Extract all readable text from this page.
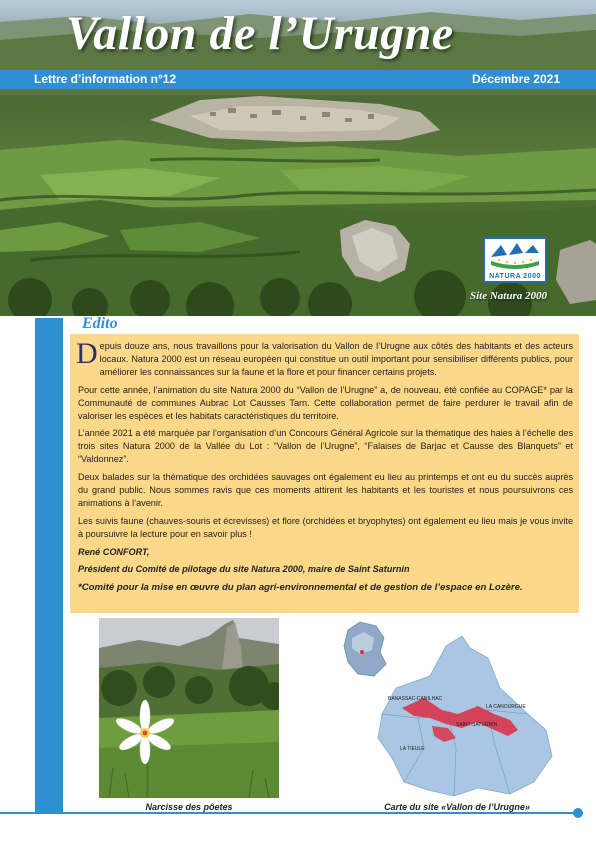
Vallon de l’Urugne
Lettre d’information n°12	Décembre 2021
NATURA 2000
Site Natura 2000
Edito

Depuis douze ans, nous travaillons pour la valorisation du Vallon de l’Urugne aux côtés des habitants et des acteurs locaux. Natura 2000 est un réseau européen qui constitue un outil important pour sensibiliser différents publics, pour améliorer les connaissances sur la faune et la flore et pour financer certains projets.

Pour cette année, l’animation du site Natura 2000 du “Vallon de l’Urugne” a, de nouveau, été confiée au COPAGE* par la Communauté de communes Aubrac Lot Causses Tarn. Cette collaboration permet de faire perdurer le travail afin de valoriser les espèces et les habitats caractéristiques du territoire.

L’année 2021 a été marquée par l’organisation d’un Concours Général Agricole sur la thématique des haies à l’échelle des trois sites Natura 2000 de la Vallée du Lot : “Vallon de l’Urugne”, “Falaises de Barjac et Causse des Blanquets” et “Valdonnez”.

Deux balades sur la thématique des orchidées sauvages ont également eu lieu au printemps et ont eu du succès auprès du grand public. Nous sommes ravis que ces moments attirent les habitants et les touristes et nous poursuivrons ces animations à l’avenir.

Les suivis faune (chauves-souris et écrevisses) et flore (orchidées et bryophytes) ont également eu lieu mais je vous invite à poursuivre la lecture pour en savoir plus !

René CONFORT,

Président du Comité de pilotage du site Natura 2000, maire de Saint Saturnin

*Comité pour la mise en œuvre du plan agri-environnemental et de gestion de l’espace en Lozère.

Narcisse des pôetes
BANASSAC-CANILHAC
LA CANOURGUE
SAINT-SATURNIN
LA TIEULE
Carte du site «Vallon de l’Urugne»
